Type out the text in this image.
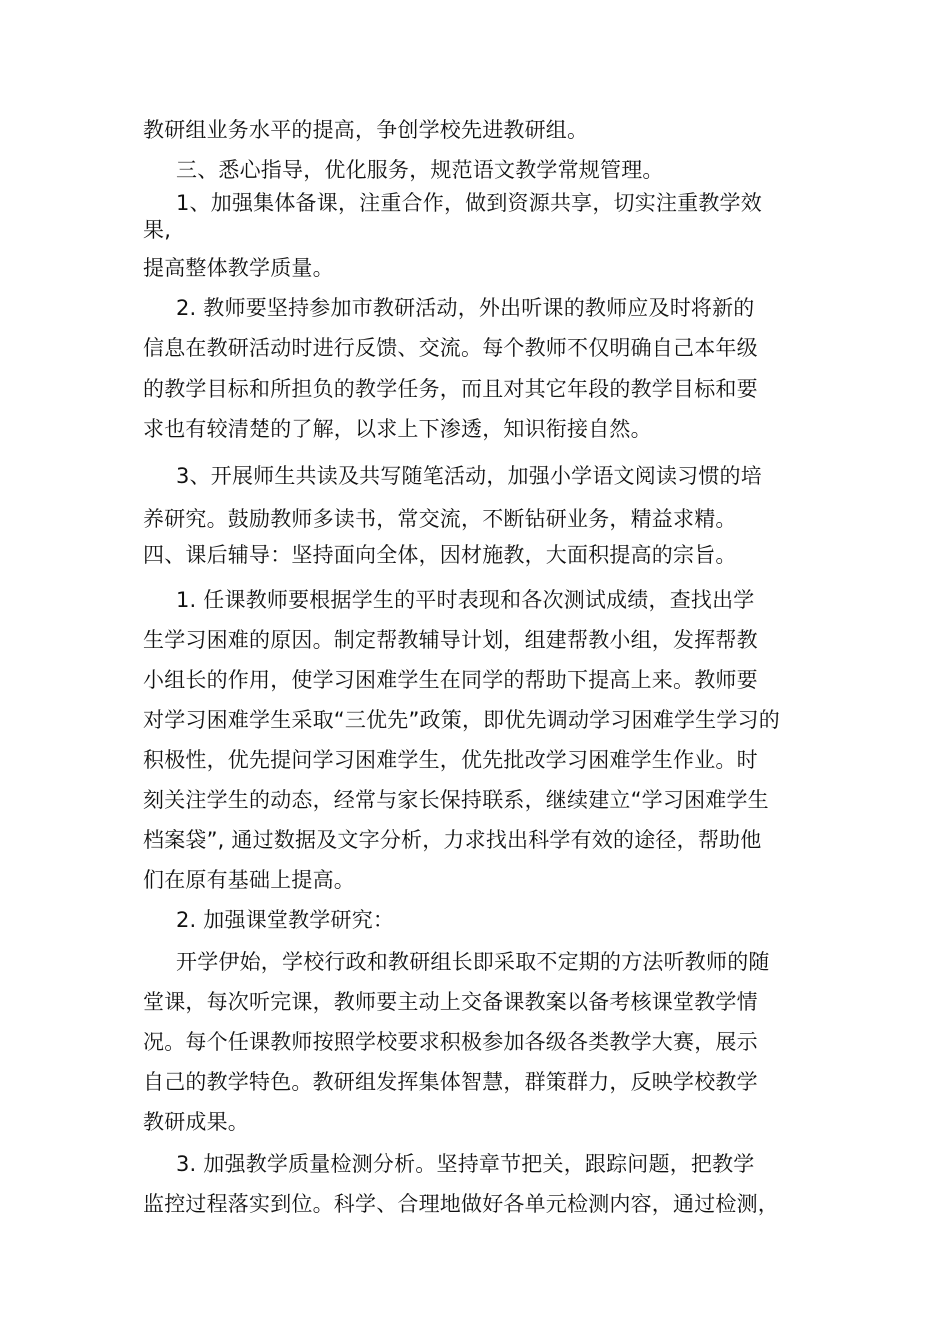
教研组业务水平的提高，争创学校先进教研组。
三、悉心指导，优化服务，规范语文教学常规管理。
1、加强集体备课，注重合作，做到资源共享，切实注重教学效
果,
提高整体教学质量。
2. 教师要坚持参加市教研活动，外出听课的教师应及时将新的
信息在教研活动时进行反馈、交流。每个教师不仅明确自己本年级
的教学目标和所担负的教学任务，而且对其它年段的教学目标和要
求也有较清楚的了解，以求上下渗透，知识衔接自然。
3、开展师生共读及共写随笔活动，加强小学语文阅读习惯的培
养研究。鼓励教师多读书，常交流，不断钻研业务，精益求精。
四、课后辅导：坚持面向全体，因材施教，大面积提高的宗旨。
1. 任课教师要根据学生的平时表现和各次测试成绩，查找出学
生学习困难的原因。制定帮教辅导计划，组建帮教小组，发挥帮教
小组长的作用，使学习困难学生在同学的帮助下提高上来。教师要
对学习困难学生采取“三优先”政策，即优先调动学习困难学生学习的
积极性，优先提问学习困难学生，优先批改学习困难学生作业。时
刻关注学生的动态，经常与家长保持联系，继续建立“学习困难学生
档案袋”, 通过数据及文字分析，力求找出科学有效的途径，帮助他
们在原有基础上提高。
2. 加强课堂教学研究：
开学伊始，学校行政和教研组长即采取不定期的方法听教师的随
堂课，每次听完课，教师要主动上交备课教案以备考核课堂教学情
况。每个任课教师按照学校要求积极参加各级各类教学大赛，展示
自己的教学特色。教研组发挥集体智慧，群策群力，反映学校教学
教研成果。
3. 加强教学质量检测分析。坚持章节把关，跟踪问题，把教学
监控过程落实到位。科学、合理地做好各单元检测内容，通过检测，
